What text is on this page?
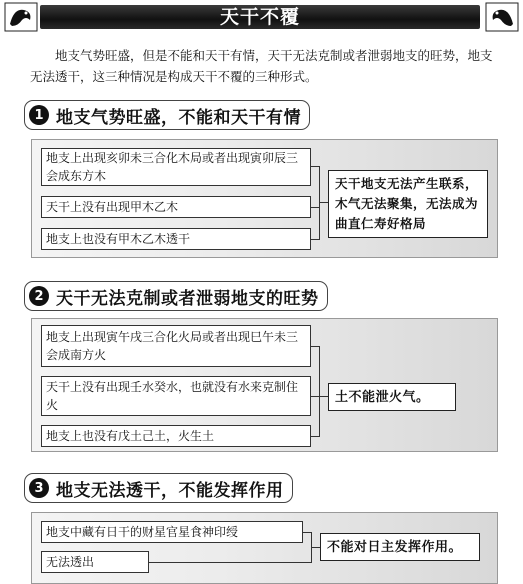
天干不覆
地支气势旺盛，但是不能和天干有情，天干无法克制或者泄弱地支的旺势，地支无法透干，这三种情况是构成天干不覆的三种形式。
1 地支气势旺盛，不能和天干有情
地支上出现亥卯未三合化木局或者出现寅卯辰三会成东方木
天干上没有出现甲木乙木
地支上也没有甲木乙木透干
天干地支无法产生联系，木气无法聚集，无法成为曲直仁寿好格局
2 天干无法克制或者泄弱地支的旺势
地支上出现寅午戌三合化火局或者出现巳午未三会成南方火
天干上没有出现壬水癸水，也就没有水来克制住火
地支上也没有戊土己土，火生土
土不能泄火气。
3 地支无法透干，不能发挥作用
地支中藏有日干的财星官星食神印绶
无法透出
不能对日主发挥作用。
